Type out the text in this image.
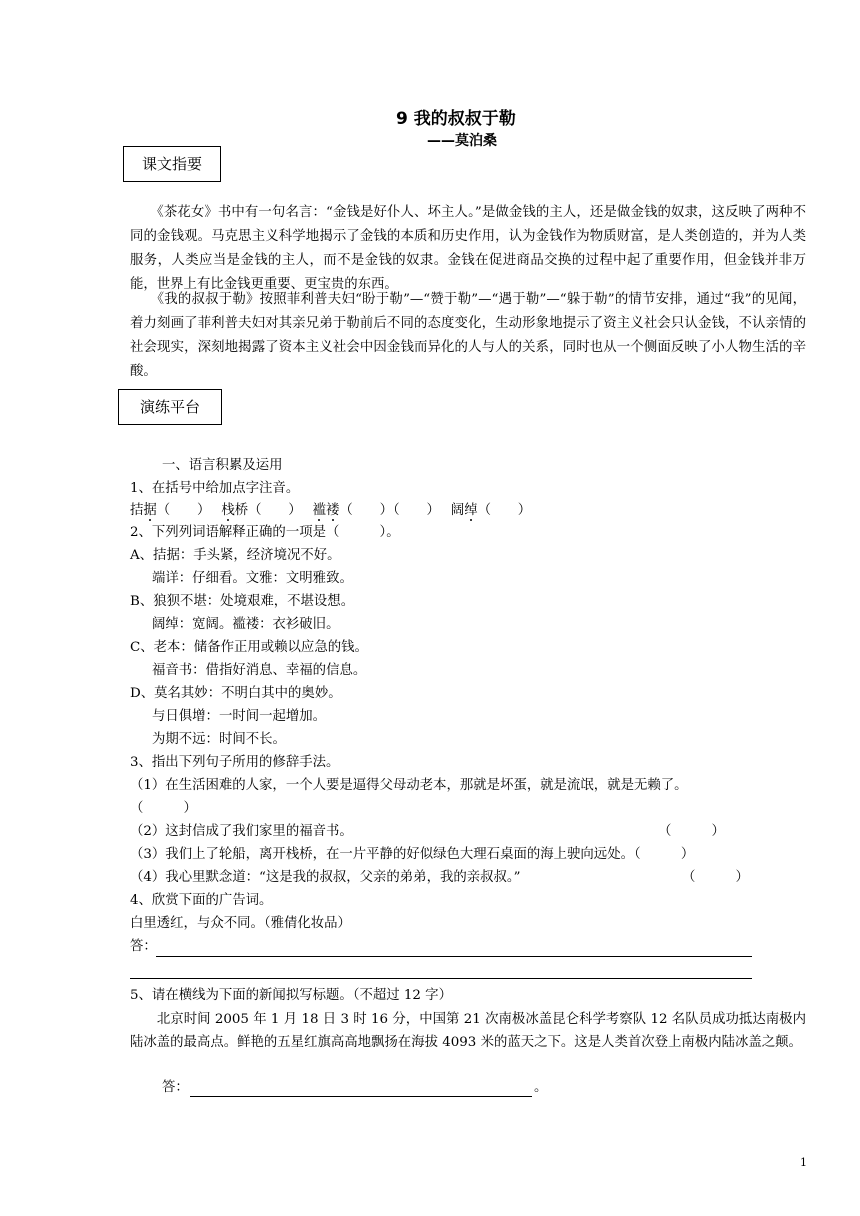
9 我的叔叔于勒
——莫泊桑
课文指要
　　《茶花女》书中有一句名言：“金钱是好仆人、坏主人。”是做金钱的主人，还是做金钱的奴隶，这反映了两种不同的金钱观。马克思主义科学地揭示了金钱的本质和历史作用，认为金钱作为物质财富，是人类创造的，并为人类服务，人类应当是金钱的主人，而不是金钱的奴隶。金钱在促进商品交换的过程中起了重要作用，但金钱并非万能，世界上有比金钱更重要、更宝贵的东西。
　　《我的叔叔于勒》按照菲利普夫妇“盼于勒”—“赞于勒”—“遇于勒”—“躲于勒”的情节安排，通过“我”的见闻，着力刻画了菲利普夫妇对其亲兄弟于勒前后不同的态度变化，生动形象地提示了资主义社会只认金钱，不认亲情的社会现实，深刻地揭露了资本主义社会中因金钱而异化的人与人的关系，同时也从一个侧面反映了小人物生活的辛酸。
演练平台
一、语言积累及运用
1、在括号中给加点字注音。
拮据（　　）　 栈桥（　　）　 褴褛（　　）（　　）　 阔绰（　　）
2、下列列词语解释正确的一项是（　　　）。
A、拮据：手头紧，经济境况不好。
端详：仔细看。文雅：文明雅致。
B、狼狈不堪：处境艰难，不堪设想。
阔绰：宽阔。褴褛：衣衫破旧。
C、老本：储备作正用或赖以应急的钱。
福音书：借指好消息、幸福的信息。
D、莫名其妙：不明白其中的奥妙。
与日俱增：一时间一起增加。
为期不远：时间不长。
3、指出下列句子所用的修辞手法。
（1）在生活困难的人家，一个人要是逼得父母动老本，那就是坏蛋，就是流氓，就是无赖了。
（　　　）
（2）这封信成了我们家里的福音书。	（　　　）
（3）我们上了轮船，离开栈桥，在一片平静的好似绿色大理石桌面的海上驶向远处。（　　　）
（4）我心里默念道：“这是我的叔叔，父亲的弟弟，我的亲叔叔。”	（　　　）
4、欣赏下面的广告词。
白里透红，与众不同。（雅倩化妆品）
答：
5、请在横线为下面的新闻拟写标题。（不超过 12 字）
　　北京时间 2005 年 1 月 18 日 3 时 16 分，中国第 21 次南极冰盖昆仑科学考察队 12 名队员成功抵达南极内陆冰盖的最高点。鲜艳的五星红旗高高地飘扬在海拔 4093 米的蓝天之下。这是人类首次登上南极内陆冰盖之颠。
答：	。
1
